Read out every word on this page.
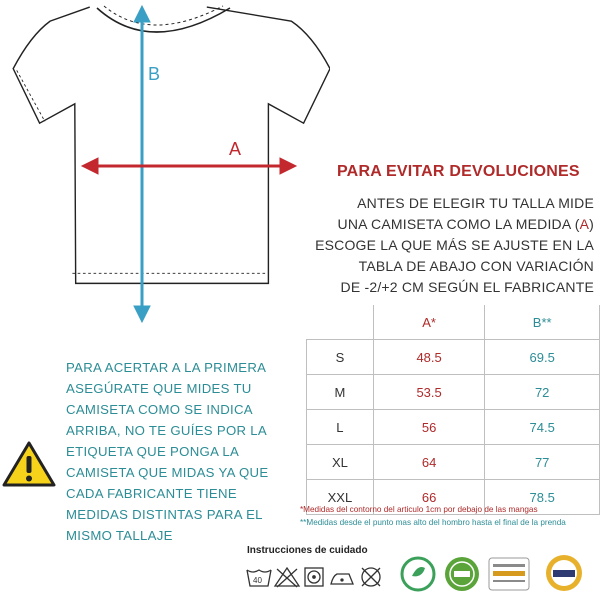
B
A
PARA EVITAR DEVOLUCIONES
ANTES DE ELEGIR TU TALLA MIDE
UNA CAMISETA COMO LA MEDIDA (A)
ESCOGE LA QUE MÁS SE AJUSTE EN LA
TABLA DE ABAJO CON VARIACIÓN
DE -2/+2 CM SEGÚN EL FABRICANTE
PARA ACERTAR A LA PRIMERA
ASEGÚRATE QUE MIDES TU
CAMISETA COMO SE INDICA
ARRIBA, NO TE GUÍES POR LA
ETIQUETA QUE PONGA LA
CAMISETA QUE MIDAS YA QUE
CADA FABRICANTE TIENE
MEDIDAS DISTINTAS PARA EL
MISMO TALLAJE
	A*	B**
S	48.5	69.5
M	53.5	72
L	56	74.5
XL	64	77
XXL	66	78.5
*Medidas del contorno del articulo 1cm por debajo de las mangas
**Medidas desde el punto mas alto del hombro hasta el final de la prenda
Instrucciones de cuidado
40
